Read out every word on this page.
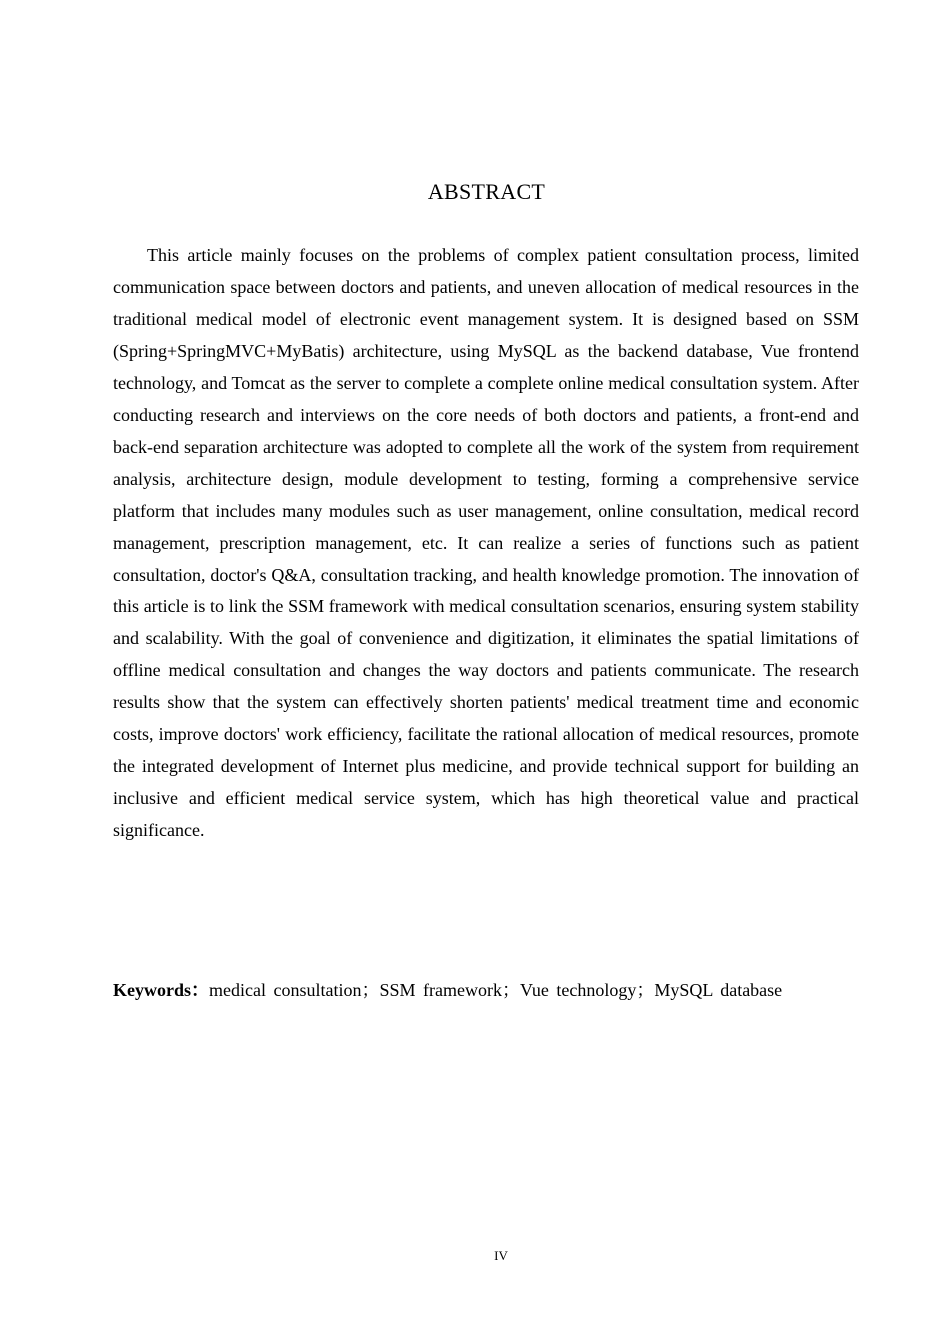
ABSTRACT

This article mainly focuses on the problems of complex patient consultation process, limited communication space between doctors and patients, and uneven allocation of medical resources in the traditional medical model of electronic event management system. It is designed based on SSM (Spring+SpringMVC+MyBatis) architecture, using MySQL as the backend database, Vue frontend technology, and Tomcat as the server to complete a complete online medical consultation system. After conducting research and interviews on the core needs of both doctors and patients, a front-end and back-end separation architecture was adopted to complete all the work of the system from requirement analysis, architecture design, module development to testing, forming a comprehensive service platform that includes many modules such as user management, online consultation, medical record management, prescription management, etc. It can realize a series of functions such as patient consultation, doctor's Q&A, consultation tracking, and health knowledge promotion. The innovation of this article is to link the SSM framework with medical consultation scenarios, ensuring system stability and scalability. With the goal of convenience and digitization, it eliminates the spatial limitations of offline medical consultation and changes the way doctors and patients communicate. The research results show that the system can effectively shorten patients' medical treatment time and economic costs, improve doctors' work efficiency, facilitate the rational allocation of medical resources, promote the integrated development of Internet plus medicine, and provide technical support for building an inclusive and efficient medical service system, which has high theoretical value and practical significance.

Keywords：medical consultation；SSM framework；Vue technology；MySQL database
IV
